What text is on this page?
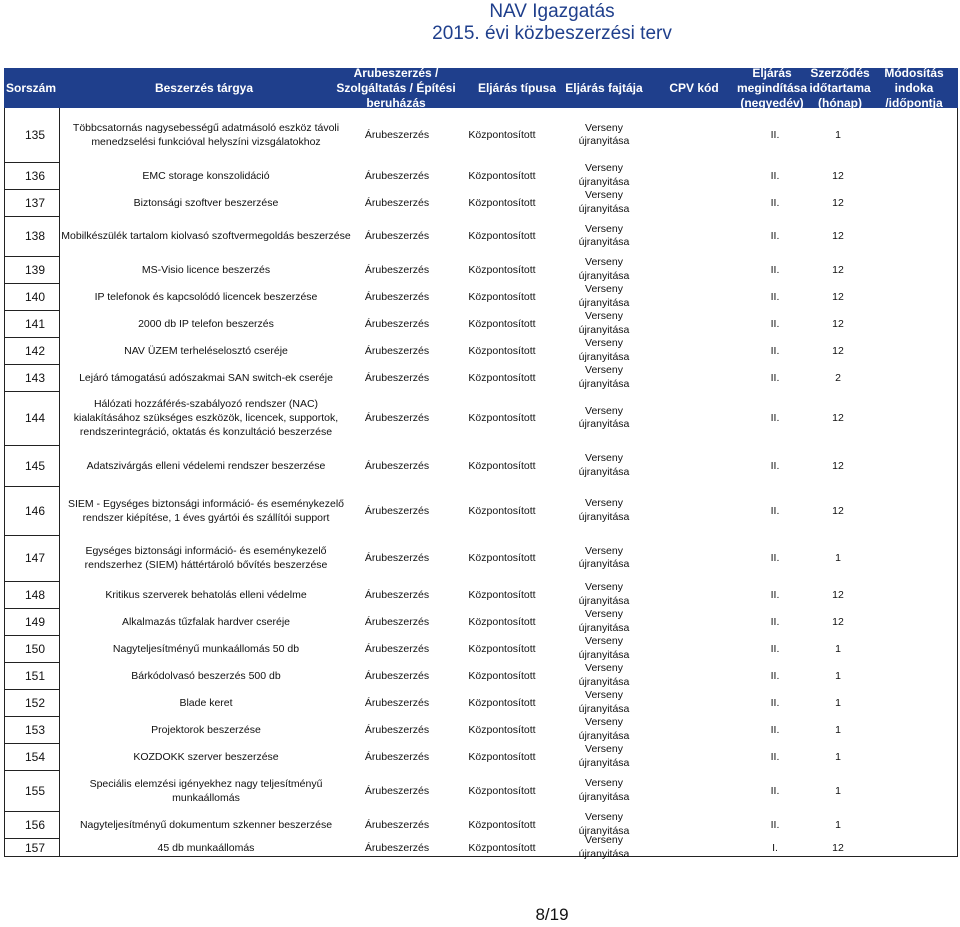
NAV Igazgatás
2015. évi közbeszerzési terv
Sorszám	Beszerzés tárgya
Árubeszerzés / Szolgáltatás / Építési beruházás
Eljárás típusa Eljárás fajtája	CPV kód
Eljárás megindítása (negyedév)
Szerződés időtartama (hónap)
Módosítás indoka /időpontja
135	Többcsatornás nagysebességű adatmásoló eszköz távoli menedzselési funkcióval helyszíni vizsgálatokhoz
Árubeszerzés	Központosított
Verseny újranyitása	II.	1
136	EMC storage konszolidáció	Árubeszerzés	Központosított
Verseny újranyitása	II.	12
137	Biztonsági szoftver beszerzése	Árubeszerzés	Központosított
Verseny újranyitása	II.	12
138	Mobilkészülék tartalom kiolvasó szoftvermegoldás beszerzése	Árubeszerzés	Központosított
Verseny újranyitása	II.	12
139	MS-Visio licence beszerzés	Árubeszerzés	Központosított
Verseny újranyitása	II.	12
140	IP telefonok és kapcsolódó licencek beszerzése	Árubeszerzés	Központosított
Verseny újranyitása	II.	12
141	2000 db IP telefon beszerzés	Árubeszerzés	Központosított
Verseny újranyitása	II.	12
142	NAV ÜZEM terheléselosztó cseréje	Árubeszerzés	Központosított
Verseny újranyitása	II.	12
143	Lejáró támogatású adószakmai SAN switch-ek cseréje	Árubeszerzés	Központosított
Verseny újranyitása	II.	2
144
Hálózati hozzáférés-szabályozó rendszer (NAC) kialakításához szükséges eszközök, licencek, supportok, rendszerintegráció, oktatás és konzultáció beszerzése
Árubeszerzés	Központosított
Verseny újranyitása	II.	12
145	Adatszivárgás elleni védelemi rendszer beszerzése	Árubeszerzés	Központosított
Verseny újranyitása	II.	12
146	SIEM - Egységes biztonsági információ- és eseménykezelő rendszer kiépítése, 1 éves gyártói és szállítói support
Árubeszerzés	Központosított
Verseny újranyitása	II.	12
147	Egységes biztonsági információ- és eseménykezelő rendszerhez (SIEM) háttértároló bővítés beszerzése
Árubeszerzés	Központosított
Verseny újranyitása	II.	1
148	Kritikus szerverek behatolás elleni védelme	Árubeszerzés	Központosított
Verseny újranyitása	II.	12
149	Alkalmazás tűzfalak hardver cseréje	Árubeszerzés	Központosított
Verseny újranyitása	II.	12
150	Nagyteljesítményű munkaállomás 50 db	Árubeszerzés	Központosított
Verseny újranyitása	II.	1
151	Bárkódolvasó beszerzés 500 db	Árubeszerzés	Központosított
Verseny újranyitása	II.	1
152	Blade keret	Árubeszerzés	Központosított
Verseny újranyitása	II.	1
153	Projektorok beszerzése	Árubeszerzés	Központosított
Verseny újranyitása	II.	1
154	KOZDOKK szerver beszerzése	Árubeszerzés	Központosított
Verseny újranyitása	II.	1
155	Speciális elemzési igényekhez nagy teljesítményű munkaállomás
Árubeszerzés	Központosított
Verseny újranyitása	II.	1
156	Nagyteljesítményű dokumentum szkenner beszerzése	Árubeszerzés	Központosított
Verseny újranyitása	II.	1
157	45 db munkaállomás	Árubeszerzés	Központosított
Verseny újranyitása	I.	12
8/19
